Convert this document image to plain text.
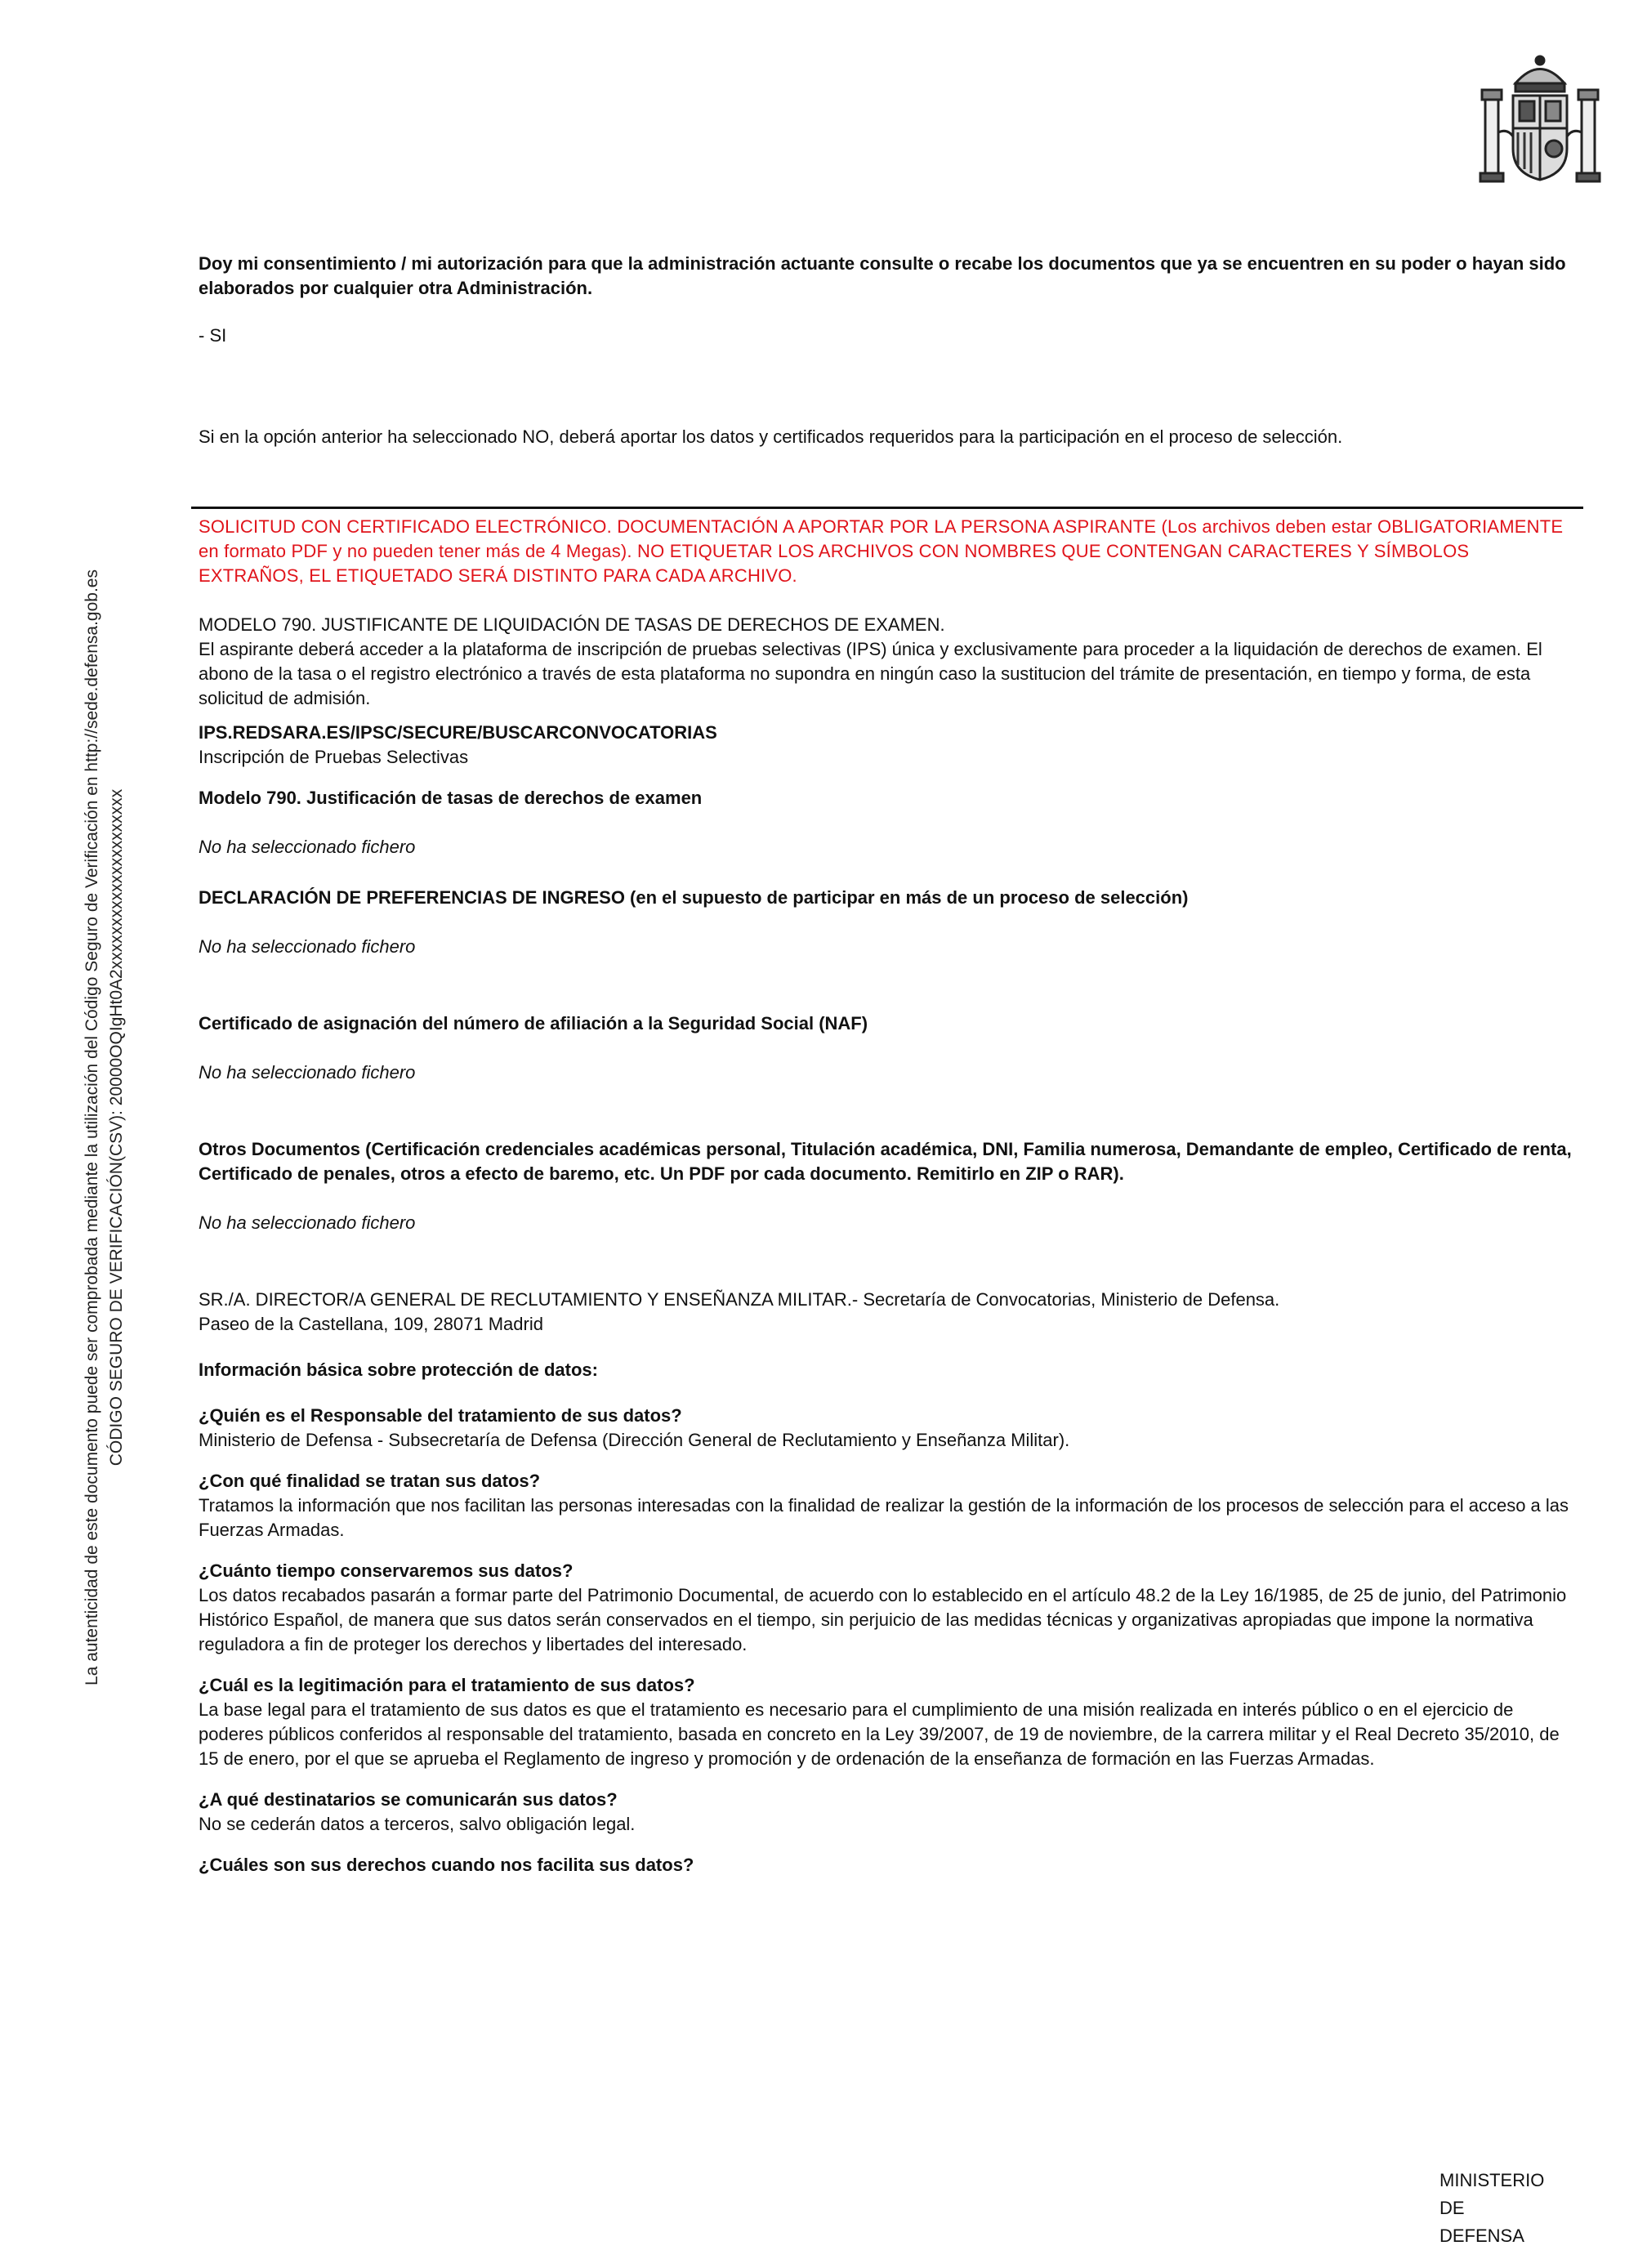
La autenticidad de este documento puede ser comprobada mediante la utilización del Código Seguro de Verificación en http://sede.defensa.gob.es CÓDIGO SEGURO DE VERIFICACIÓN(CSV): 20000OQIgHt0A2xxxxxxxxxxxxxxxxxxxxx

Doy mi consentimiento / mi autorización para que la administración actuante consulte o recabe los documentos que ya se encuentren en su poder o hayan sido elaborados por cualquier otra Administración.

- SI

Si en la opción anterior ha seleccionado NO, deberá aportar los datos y certificados requeridos para la participación en el proceso de selección.

SOLICITUD CON CERTIFICADO ELECTRÓNICO. DOCUMENTACIÓN A APORTAR POR LA PERSONA ASPIRANTE (Los archivos deben estar OBLIGATORIAMENTE en formato PDF y no pueden tener más de 4 Megas). NO ETIQUETAR LOS ARCHIVOS CON NOMBRES QUE CONTENGAN CARACTERES Y SÍMBOLOS EXTRAÑOS, EL ETIQUETADO SERÁ DISTINTO PARA CADA ARCHIVO.

MODELO 790. JUSTIFICANTE DE LIQUIDACIÓN DE TASAS DE DERECHOS DE EXAMEN.

El aspirante deberá acceder a la plataforma de inscripción de pruebas selectivas (IPS) única y exclusivamente para proceder a la liquidación de derechos de examen. El abono de la tasa o el registro electrónico a través de esta plataforma no supondra en ningún caso la sustitucion del trámite de presentación, en tiempo y forma, de esta solicitud de admisión.

IPS.REDSARA.ES/IPSC/SECURE/BUSCARCONVOCATORIAS

Inscripción de Pruebas Selectivas

Modelo 790. Justificación de tasas de derechos de examen

No ha seleccionado fichero

DECLARACIÓN DE PREFERENCIAS DE INGRESO (en el supuesto de participar en más de un proceso de selección)

No ha seleccionado fichero

Certificado de asignación del número de afiliación a la Seguridad Social (NAF)

No ha seleccionado fichero

Otros Documentos (Certificación credenciales académicas personal, Titulación académica, DNI, Familia numerosa, Demandante de empleo, Certificado de renta, Certificado de penales, otros a efecto de baremo, etc. Un PDF por cada documento. Remitirlo en ZIP o RAR).

No ha seleccionado fichero

SR./A. DIRECTOR/A GENERAL DE RECLUTAMIENTO Y ENSEÑANZA MILITAR.- Secretaría de Convocatorias, Ministerio de Defensa.

Paseo de la Castellana, 109, 28071 Madrid

Información básica sobre protección de datos:

¿Quién es el Responsable del tratamiento de sus datos?

Ministerio de Defensa - Subsecretaría de Defensa (Dirección General de Reclutamiento y Enseñanza Militar).

¿Con qué finalidad se tratan sus datos?

Tratamos la información que nos facilitan las personas interesadas con la finalidad de realizar la gestión de la información de los procesos de selección para el acceso a las Fuerzas Armadas.

¿Cuánto tiempo conservaremos sus datos?

Los datos recabados pasarán a formar parte del Patrimonio Documental, de acuerdo con lo establecido en el artículo 48.2 de la Ley 16/1985, de 25 de junio, del Patrimonio Histórico Español, de manera que sus datos serán conservados en el tiempo, sin perjuicio de las medidas técnicas y organizativas apropiadas que impone la normativa reguladora a fin de proteger los derechos y libertades del interesado.

¿Cuál es la legitimación para el tratamiento de sus datos?

La base legal para el tratamiento de sus datos es que el tratamiento es necesario para el cumplimiento de una misión realizada en interés público o en el ejercicio de poderes públicos conferidos al responsable del tratamiento, basada en concreto en la Ley 39/2007, de 19 de noviembre, de la carrera militar y el Real Decreto 35/2010, de 15 de enero, por el que se aprueba el Reglamento de ingreso y promoción y de ordenación de la enseñanza de formación en las Fuerzas Armadas.

¿A qué destinatarios se comunicarán sus datos?

No se cederán datos a terceros, salvo obligación legal.

¿Cuáles son sus derechos cuando nos facilita sus datos?

MINISTERIO
DE
DEFENSA
